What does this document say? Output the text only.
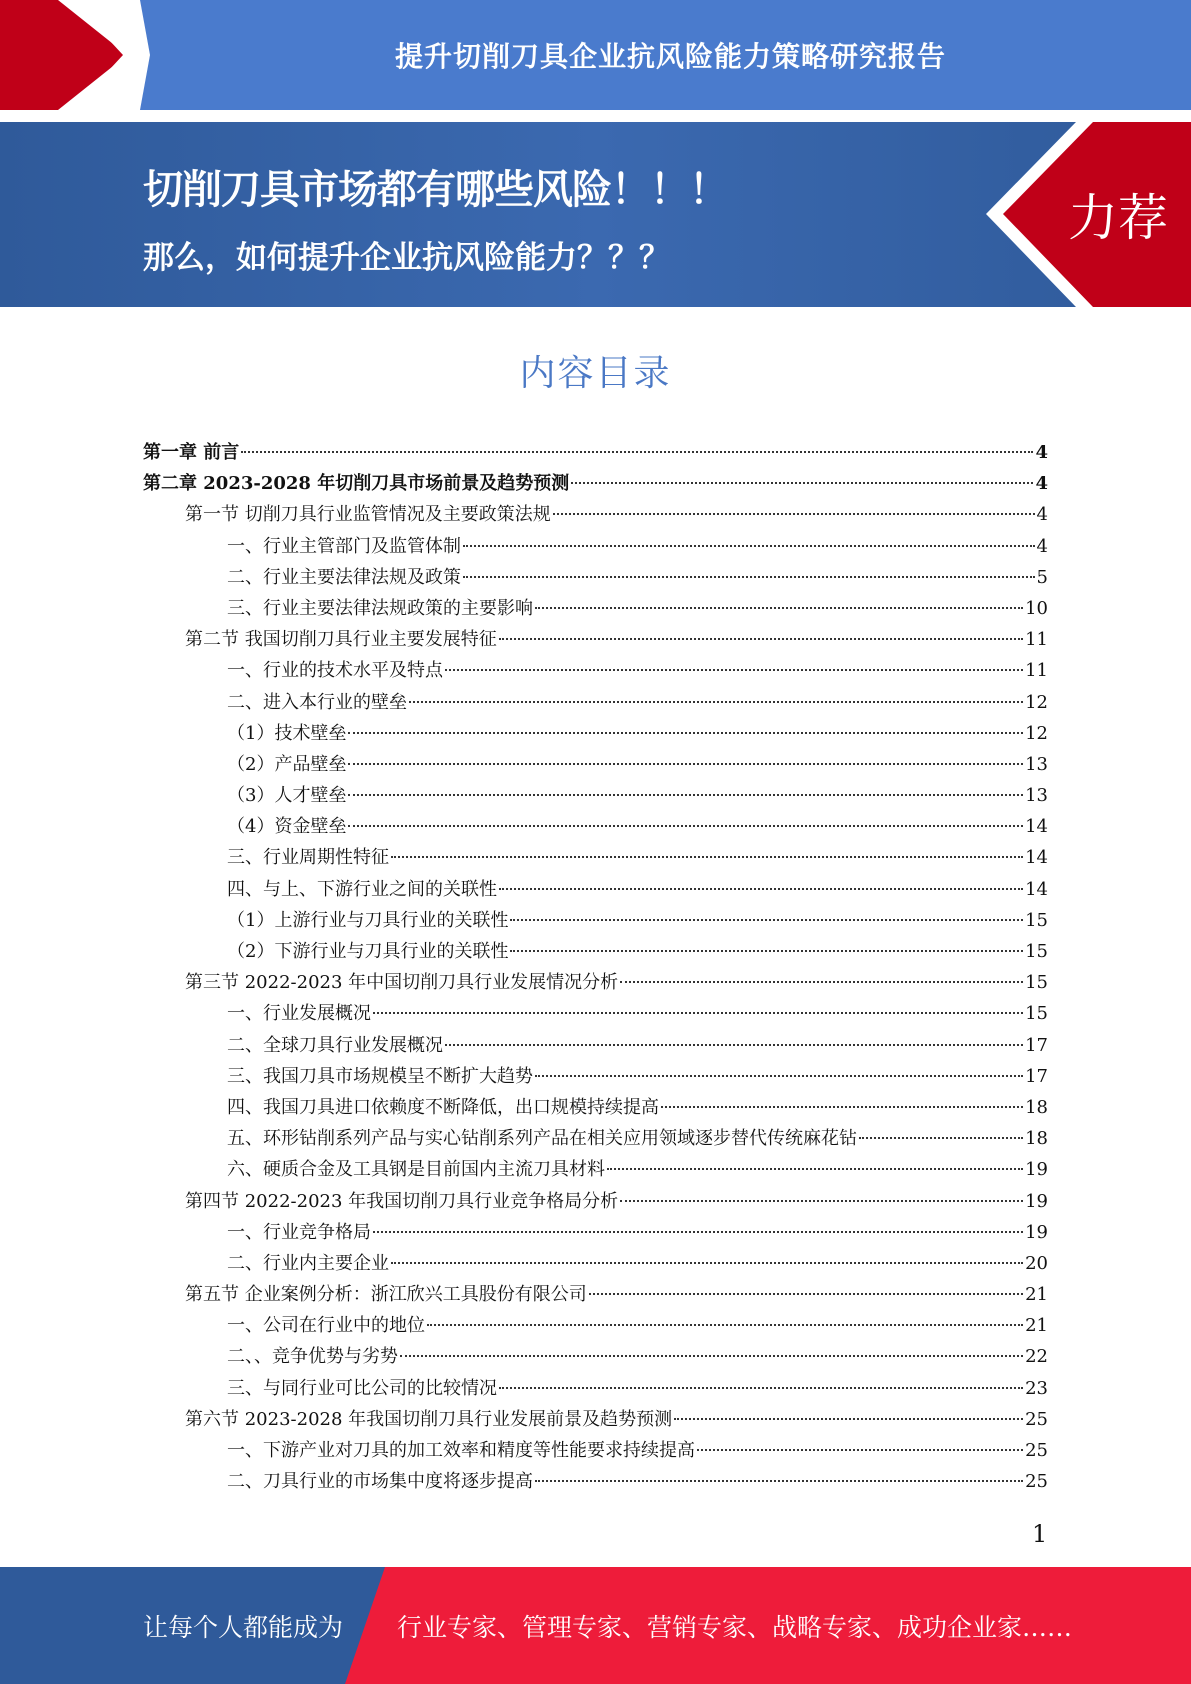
提升切削刀具企业抗风险能力策略研究报告
切削刀具市场都有哪些风险！！！
那么，如何提升企业抗风险能力？？？
力荐
内容目录
第一章 前言	4
第二章 2023-2028 年切削刀具市场前景及趋势预测	4
第一节 切削刀具行业监管情况及主要政策法规	4
一、行业主管部门及监管体制	4
二、行业主要法律法规及政策	5
三、行业主要法律法规政策的主要影响	10
第二节 我国切削刀具行业主要发展特征	11
一、行业的技术水平及特点	11
二、进入本行业的壁垒	12
（1）技术壁垒	12
（2）产品壁垒	13
（3）人才壁垒	13
（4）资金壁垒	14
三、行业周期性特征	14
四、与上、下游行业之间的关联性	14
（1）上游行业与刀具行业的关联性	15
（2）下游行业与刀具行业的关联性	15
第三节 2022-2023 年中国切削刀具行业发展情况分析	15
一、行业发展概况	15
二、全球刀具行业发展概况	17
三、我国刀具市场规模呈不断扩大趋势	17
四、我国刀具进口依赖度不断降低，出口规模持续提高	18
五、环形钻削系列产品与实心钻削系列产品在相关应用领域逐步替代传统麻花钻	18
六、硬质合金及工具钢是目前国内主流刀具材料	19
第四节 2022-2023 年我国切削刀具行业竞争格局分析	19
一、行业竞争格局	19
二、行业内主要企业	20
第五节 企业案例分析：浙江欣兴工具股份有限公司	21
一、公司在行业中的地位	21
二、、竞争优势与劣势	22
三、与同行业可比公司的比较情况	23
第六节 2023-2028 年我国切削刀具行业发展前景及趋势预测	25
一、下游产业对刀具的加工效率和精度等性能要求持续提高	25
二、刀具行业的市场集中度将逐步提高	25
1
让每个人都能成为 行业专家、管理专家、营销专家、战略专家、成功企业家……
